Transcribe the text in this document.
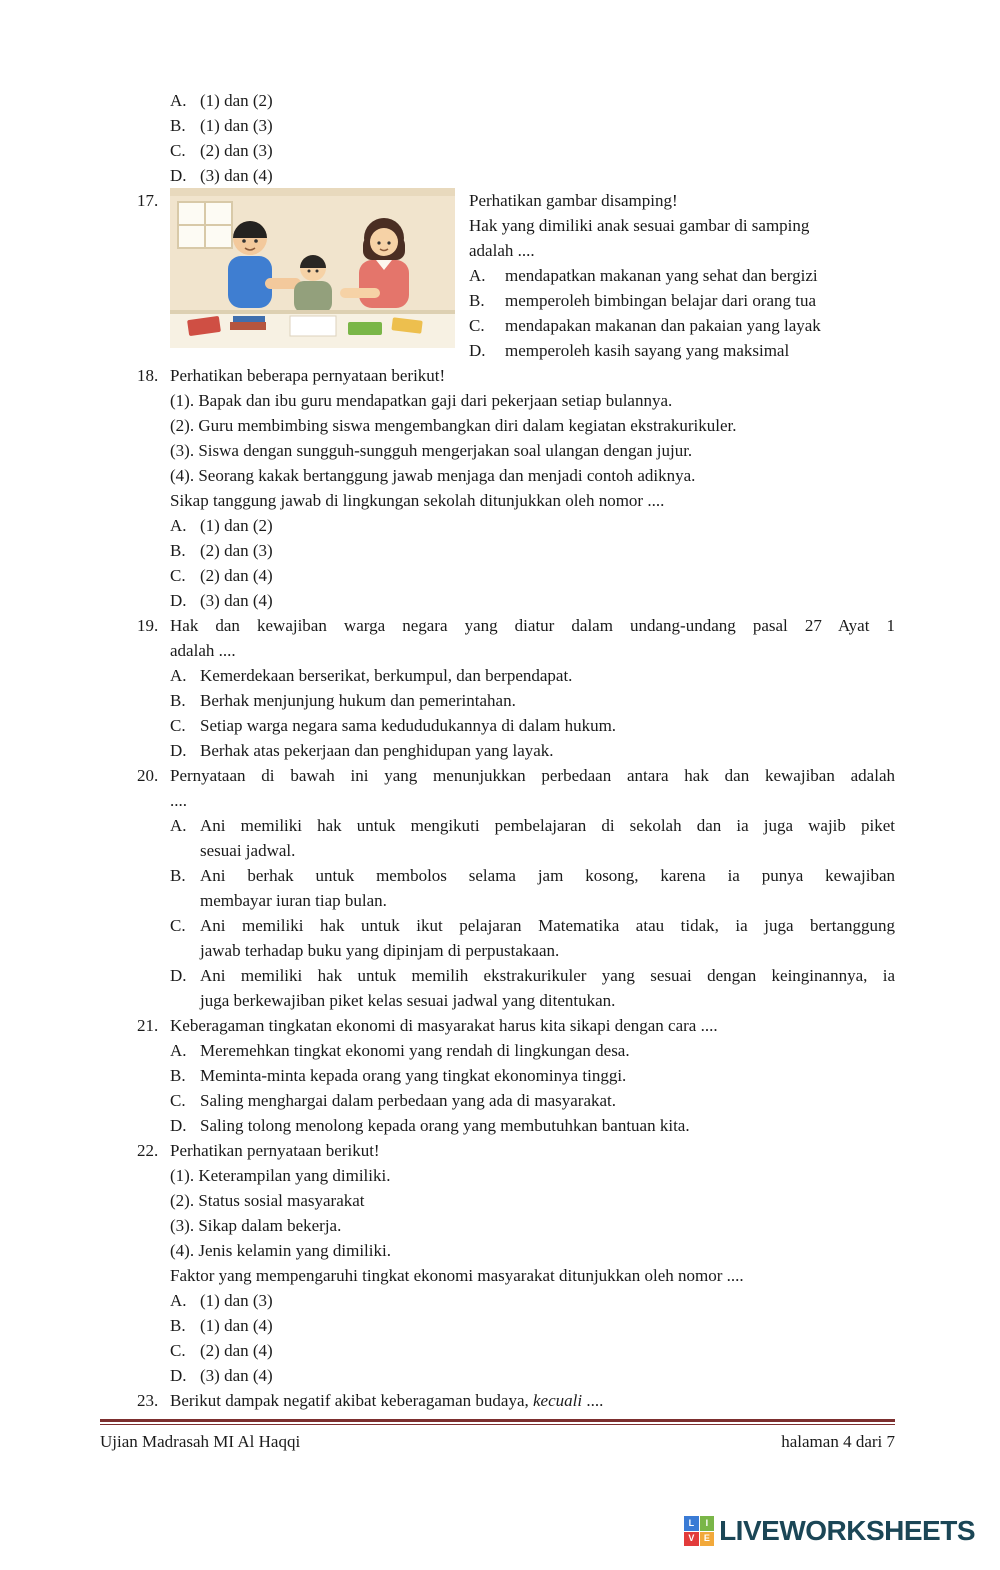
A. (1) dan (2)
B. (1) dan (3)
C. (2) dan (3)
D. (3) dan (4)
17.	Perhatikan gambar disamping!
Hak yang dimiliki anak sesuai gambar di samping
adalah ....
A.	mendapatkan makanan yang sehat dan bergizi
B.	memperoleh bimbingan belajar dari orang tua
C.	mendapakan makanan dan pakaian yang layak
D.	memperoleh kasih sayang yang maksimal
18. Perhatikan beberapa pernyataan berikut!
(1). Bapak dan ibu guru mendapatkan gaji dari pekerjaan setiap bulannya.
(2). Guru membimbing siswa mengembangkan diri dalam kegiatan ekstrakurikuler.
(3). Siswa dengan sungguh-sungguh mengerjakan soal ulangan dengan jujur.
(4). Seorang kakak bertanggung jawab menjaga dan menjadi contoh adiknya.
Sikap tanggung jawab di lingkungan sekolah ditunjukkan oleh nomor ....
A. (1) dan (2)
B. (2) dan (3)
C. (2) dan (4)
D. (3) dan (4)
19. Hak dan kewajiban warga negara yang diatur dalam undang-undang pasal 27 Ayat 1
adalah ....
A. Kemerdekaan berserikat, berkumpul, dan berpendapat.
B. Berhak menjunjung hukum dan pemerintahan.
C. Setiap warga negara sama kedududukannya di dalam hukum.
D. Berhak atas pekerjaan dan penghidupan yang layak.
20. Pernyataan di bawah ini yang menunjukkan perbedaan antara hak dan kewajiban adalah
....
A. Ani memiliki hak untuk mengikuti pembelajaran di sekolah dan ia juga wajib piket
sesuai jadwal.
B. Ani berhak untuk membolos selama jam kosong, karena ia punya kewajiban
membayar iuran tiap bulan.
C. Ani memiliki hak untuk ikut pelajaran Matematika atau tidak, ia juga bertanggung
jawab terhadap buku yang dipinjam di perpustakaan.
D. Ani memiliki hak untuk memilih ekstrakurikuler yang sesuai dengan keinginannya, ia
juga berkewajiban piket kelas sesuai jadwal yang ditentukan.
21. Keberagaman tingkatan ekonomi di masyarakat harus kita sikapi dengan cara ....
A. Meremehkan tingkat ekonomi yang rendah di lingkungan desa.
B. Meminta-minta kepada orang yang tingkat ekonominya tinggi.
C. Saling menghargai dalam perbedaan yang ada di masyarakat.
D. Saling tolong menolong kepada orang yang membutuhkan bantuan kita.
22. Perhatikan pernyataan berikut!
(1). Keterampilan yang dimiliki.
(2). Status sosial masyarakat
(3). Sikap dalam bekerja.
(4). Jenis kelamin yang dimiliki.
Faktor yang mempengaruhi tingkat ekonomi masyarakat ditunjukkan oleh nomor ....
A. (1) dan (3)
B. (1) dan (4)
C. (2) dan (4)
D. (3) dan (4)
23. Berikut dampak negatif akibat keberagaman budaya, kecuali ....
Ujian Madrasah MI Al Haqqi	halaman 4 dari 7
L	I
V	E LIVEWORKSHEETS
